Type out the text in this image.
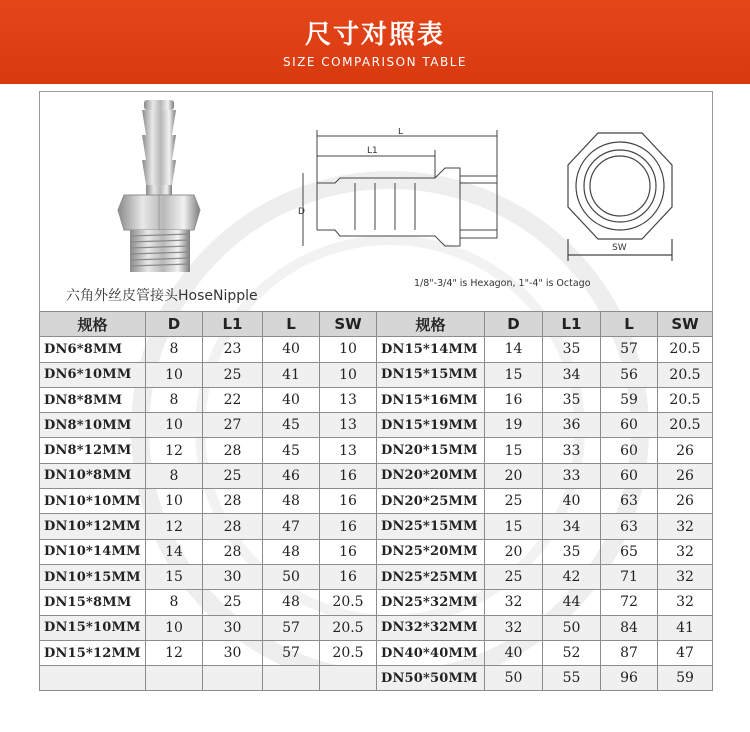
尺寸对照表
SIZE COMPARISON TABLE
六角外丝皮管接头HoseNipple
L
L1
D
SW
1/8"-3/4" is Hexagon, 1"-4" is Octago
规格	D	L1	L	SW	规格	D	L1	L	SW
DN6*8MM	8	23	40	10	DN15*14MM	14	35	57	20.5
DN6*10MM	10	25	41	10	DN15*15MM	15	34	56	20.5
DN8*8MM	8	22	40	13	DN15*16MM	16	35	59	20.5
DN8*10MM	10	27	45	13	DN15*19MM	19	36	60	20.5
DN8*12MM	12	28	45	13	DN20*15MM	15	33	60	26
DN10*8MM	8	25	46	16	DN20*20MM	20	33	60	26
DN10*10MM	10	28	48	16	DN20*25MM	25	40	63	26
DN10*12MM	12	28	47	16	DN25*15MM	15	34	63	32
DN10*14MM	14	28	48	16	DN25*20MM	20	35	65	32
DN10*15MM	15	30	50	16	DN25*25MM	25	42	71	32
DN15*8MM	8	25	48	20.5	DN25*32MM	32	44	72	32
DN15*10MM	10	30	57	20.5	DN32*32MM	32	50	84	41
DN15*12MM	12	30	57	20.5	DN40*40MM	40	52	87	47
					DN50*50MM	50	55	96	59
